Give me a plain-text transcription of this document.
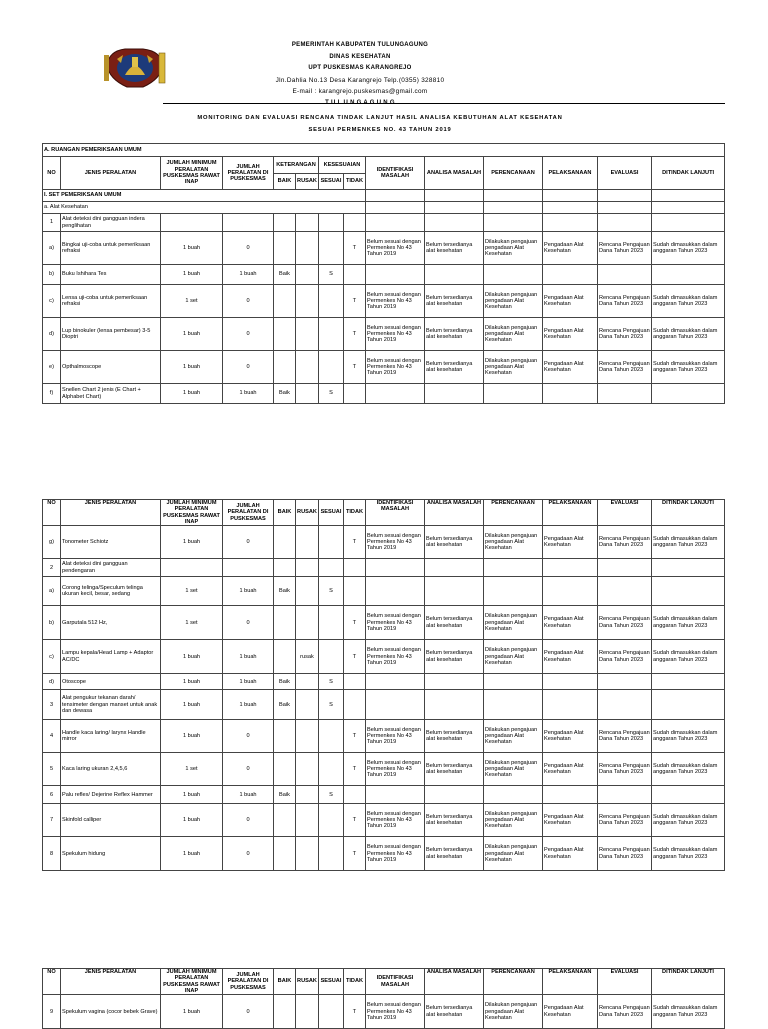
PEMERINTAH KABUPATEN TULUNGAGUNG
DINAS KESEHATAN
UPT PUSKESMAS KARANGREJO
Jln.Dahlia No.13 Desa Karangrejo Telp.(0355) 328810
E-mail : karangrejo.puskesmas@gmail.com
T U L U N G A G U N G
MONITORING DAN EVALUASI RENCANA TINDAK LANJUT HASIL ANALISA KEBUTUHAN ALAT KESEHATAN
SESUAI PERMENKES NO. 43 TAHUN 2019
A. RUANGAN PEMERIKSAAN UMUM													
NO	JENIS PERALATAN	JUMLAH MINIMUM PERALATAN PUSKESMAS RAWAT INAP	JUMLAH PERALATAN DI PUSKESMAS	KETERANGAN		KESESUAIAN		IDENTIFIKASI MASALAH	ANALISA MASALAH	PERENCANAAN	PELAKSANAAN	EVALUASI	DITINDAK LANJUTI
				BAIK	RUSAK	SESUAI	TIDAK						
I. SET PEMERIKSAAN UMUM													
a. Alat Kesehatan													
1	Alat deteksi dini gangguan indera penglihatan												
a)	Bingkai uji-coba untuk pemeriksaan refraksi	1 buah	0				T	Belum sesuai dengan Permenkes No 43 Tahun 2019	Belum tersedianya alat kesehatan	Dilakukan pengajuan pengadaan Alat Kesehatan	Pengadaan Alat Kesehatan	Rencana Pengajuan Dana Tahun 2023	Sudah dimasukkan dalam anggaran Tahun 2023
b)	Buku Ishihara Tes	1 buah	1 buah	Baik		S							
c)	Lensa uji-coba untuk pemeriksaan refraksi	1 set	0				T	Belum sesuai dengan Permenkes No 43 Tahun 2019	Belum tersedianya alat kesehatan	Dilakukan pengajuan pengadaan Alat Kesehatan	Pengadaan Alat Kesehatan	Rencana Pengajuan Dana Tahun 2023	Sudah dimasukkan dalam anggaran Tahun 2023
d)	Lup binokuler (lensa pembesar) 3-5 Dioptri	1 buah	0				T	Belum sesuai dengan Permenkes No 43 Tahun 2019	Belum tersedianya alat kesehatan	Dilakukan pengajuan pengadaan Alat Kesehatan	Pengadaan Alat Kesehatan	Rencana Pengajuan Dana Tahun 2023	Sudah dimasukkan dalam anggaran Tahun 2023
e)	Opthalmoscope	1 buah	0				T	Belum sesuai dengan Permenkes No 43 Tahun 2019	Belum tersedianya alat kesehatan	Dilakukan pengajuan pengadaan Alat Kesehatan	Pengadaan Alat Kesehatan	Rencana Pengajuan Dana Tahun 2023	Sudah dimasukkan dalam anggaran Tahun 2023
f)	Snellen Chart 2 jenis (E Chart + Alphabet Chart)	1 buah	1 buah	Baik		S							
NO	JENIS PERALATAN	JUMLAH MINIMUM PERALATAN PUSKESMAS RAWAT INAP	JUMLAH PERALATAN DI PUSKESMAS	BAIK	RUSAK	SESUAI	TIDAK	IDENTIFIKASI MASALAH	ANALISA MASALAH	PERENCANAAN	PELAKSANAAN	EVALUASI	DITINDAK LANJUTI
g)	Tonometer Schiotz	1 buah	0				T	Belum sesuai dengan Permenkes No 43 Tahun 2019	Belum tersedianya alat kesehatan	Dilakukan pengajuan pengadaan Alat Kesehatan	Pengadaan Alat Kesehatan	Rencana Pengajuan Dana Tahun 2023	Sudah dimasukkan dalam anggaran Tahun 2023
2	Alat deteksi dini gangguan pendengaran												
a)	Corong telinga/Speculum telinga ukuran kecil, besar, sedang	1 set	1 buah	Baik		S							
b)	Garputala 512 Hz,	1 set	0				T	Belum sesuai dengan Permenkes No 43 Tahun 2019	Belum tersedianya alat kesehatan	Dilakukan pengajuan pengadaan Alat Kesehatan	Pengadaan Alat Kesehatan	Rencana Pengajuan Dana Tahun 2023	Sudah dimasukkan dalam anggaran Tahun 2023
c)	Lampu kepala/Head Lamp + Adaptor AC/DC	1 buah	1 buah		rusak		T	Belum sesuai dengan Permenkes No 43 Tahun 2019	Belum tersedianya alat kesehatan	Dilakukan pengajuan pengadaan Alat Kesehatan	Pengadaan Alat Kesehatan	Rencana Pengajuan Dana Tahun 2023	Sudah dimasukkan dalam anggaran Tahun 2023
d)	Otoscope	1 buah	1 buah	Baik		S							
3	Alat pengukur tekanan darah/ tensimeter dengan manset untuk anak dan dewasa	1 buah	1 buah	Baik		S							
4	Handle kaca laring/ larynx Handle mirror	1 buah	0				T	Belum sesuai dengan Permenkes No 43 Tahun 2019	Belum tersedianya alat kesehatan	Dilakukan pengajuan pengadaan Alat Kesehatan	Pengadaan Alat Kesehatan	Rencana Pengajuan Dana Tahun 2023	Sudah dimasukkan dalam anggaran Tahun 2023
5	Kaca laring ukuran 2,4,5,6	1 set	0				T	Belum sesuai dengan Permenkes No 43 Tahun 2019	Belum tersedianya alat kesehatan	Dilakukan pengajuan pengadaan Alat Kesehatan	Pengadaan Alat Kesehatan	Rencana Pengajuan Dana Tahun 2023	Sudah dimasukkan dalam anggaran Tahun 2023
6	Palu reflex/ Dejerine Reflex Hammer	1 buah	1 buah	Baik		S							
7	Skinfold calliper	1 buah	0				T	Belum sesuai dengan Permenkes No 43 Tahun 2019	Belum tersedianya alat kesehatan	Dilakukan pengajuan pengadaan Alat Kesehatan	Pengadaan Alat Kesehatan	Rencana Pengajuan Dana Tahun 2023	Sudah dimasukkan dalam anggaran Tahun 2023
8	Spekulum hidung	1 buah	0				T	Belum sesuai dengan Permenkes No 43 Tahun 2019	Belum tersedianya alat kesehatan	Dilakukan pengajuan pengadaan Alat Kesehatan	Pengadaan Alat Kesehatan	Rencana Pengajuan Dana Tahun 2023	Sudah dimasukkan dalam anggaran Tahun 2023
NO	JENIS PERALATAN	JUMLAH MINIMUM PERALATAN PUSKESMAS RAWAT INAP	JUMLAH PERALATAN DI PUSKESMAS	BAIK	RUSAK	SESUAI	TIDAK	IDENTIFIKASI MASALAH	ANALISA MASALAH	PERENCANAAN	PELAKSANAAN	EVALUASI	DITINDAK LANJUTI
9	Spekulum vagina (cocor bebek Grave)	1 buah	0				T	Belum sesuai dengan Permenkes No 43 Tahun 2019	Belum tersedianya alat kesehatan	Dilakukan pengajuan pengadaan Alat Kesehatan	Pengadaan Alat Kesehatan	Rencana Pengajuan Dana Tahun 2023	Sudah dimasukkan dalam anggaran Tahun 2023
